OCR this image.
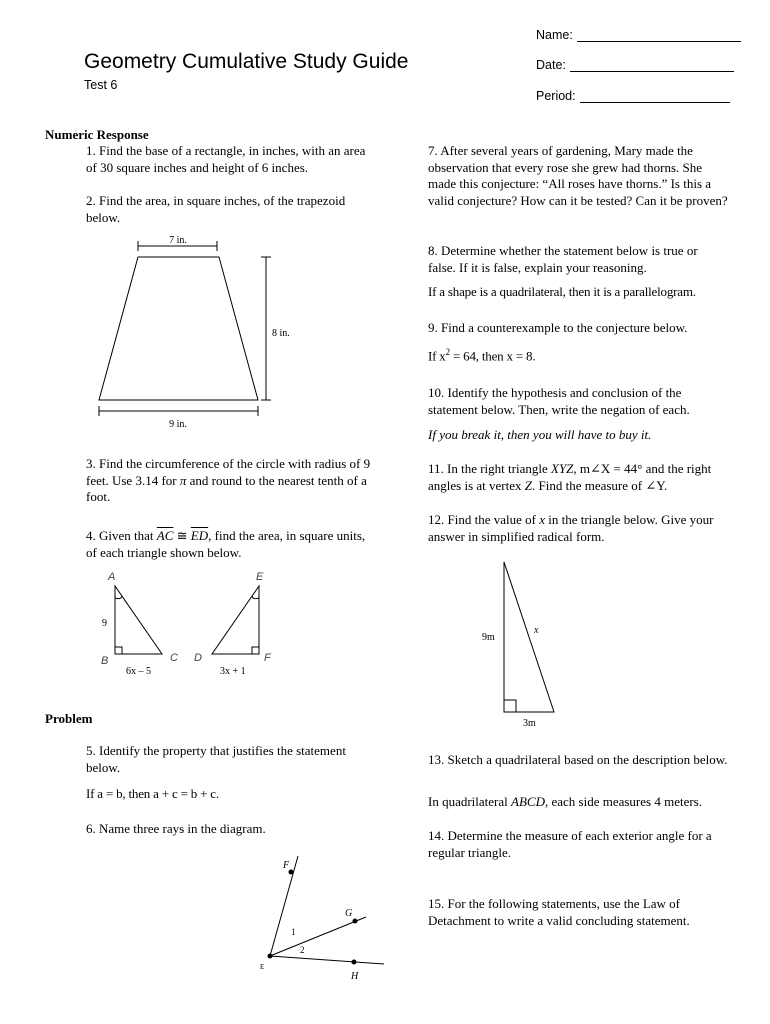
Geometry Cumulative Study Guide
Test 6
Name:
Date:
Period:
Numeric Response
1. Find the base of a rectangle, in inches, with an area of 30 square inches and height of 6 inches.
2. Find the area, in square inches, of the trapezoid below.
7 in.
8 in.
9 in.
3. Find the circumference of the circle with radius of 9 feet. Use 3.14 for π and round to the nearest tenth of a foot.
4. Given that $\overline{AC}$ ≅ $\overline{ED}$, find the area, in square units, of each triangle shown below.
A
B	C
9
6x – 5
E
D	F
3x + 1
Problem
5. Identify the property that justifies the statement below.
If a = b, then a + c = b + c.
6. Name three rays in the diagram.
F
G
E
H
1
2
7. After several years of gardening, Mary made the observation that every rose she grew had thorns. She made this conjecture: “All roses have thorns.” Is this a valid conjecture? How can it be tested? Can it be proven?
8. Determine whether the statement below is true or false. If it is false, explain your reasoning.
If a shape is a quadrilateral, then it is a parallelogram.
9. Find a counterexample to the conjecture below.
If $x^2 = 64$, then x = 8.
10. Identify the hypothesis and conclusion of the statement below. Then, write the negation of each.
If you break it, then you will have to buy it.
11. In the right triangle XYZ, m∠X = 44° and the right angles is at vertex Z. Find the measure of ∠Y.
12. Find the value of x in the triangle below. Give your answer in simplified radical form.
9m
x
3m
13. Sketch a quadrilateral based on the description below.
In quadrilateral ABCD, each side measures 4 meters.
14. Determine the measure of each exterior angle for a regular triangle.
15. For the following statements, use the Law of Detachment to write a valid concluding statement.
